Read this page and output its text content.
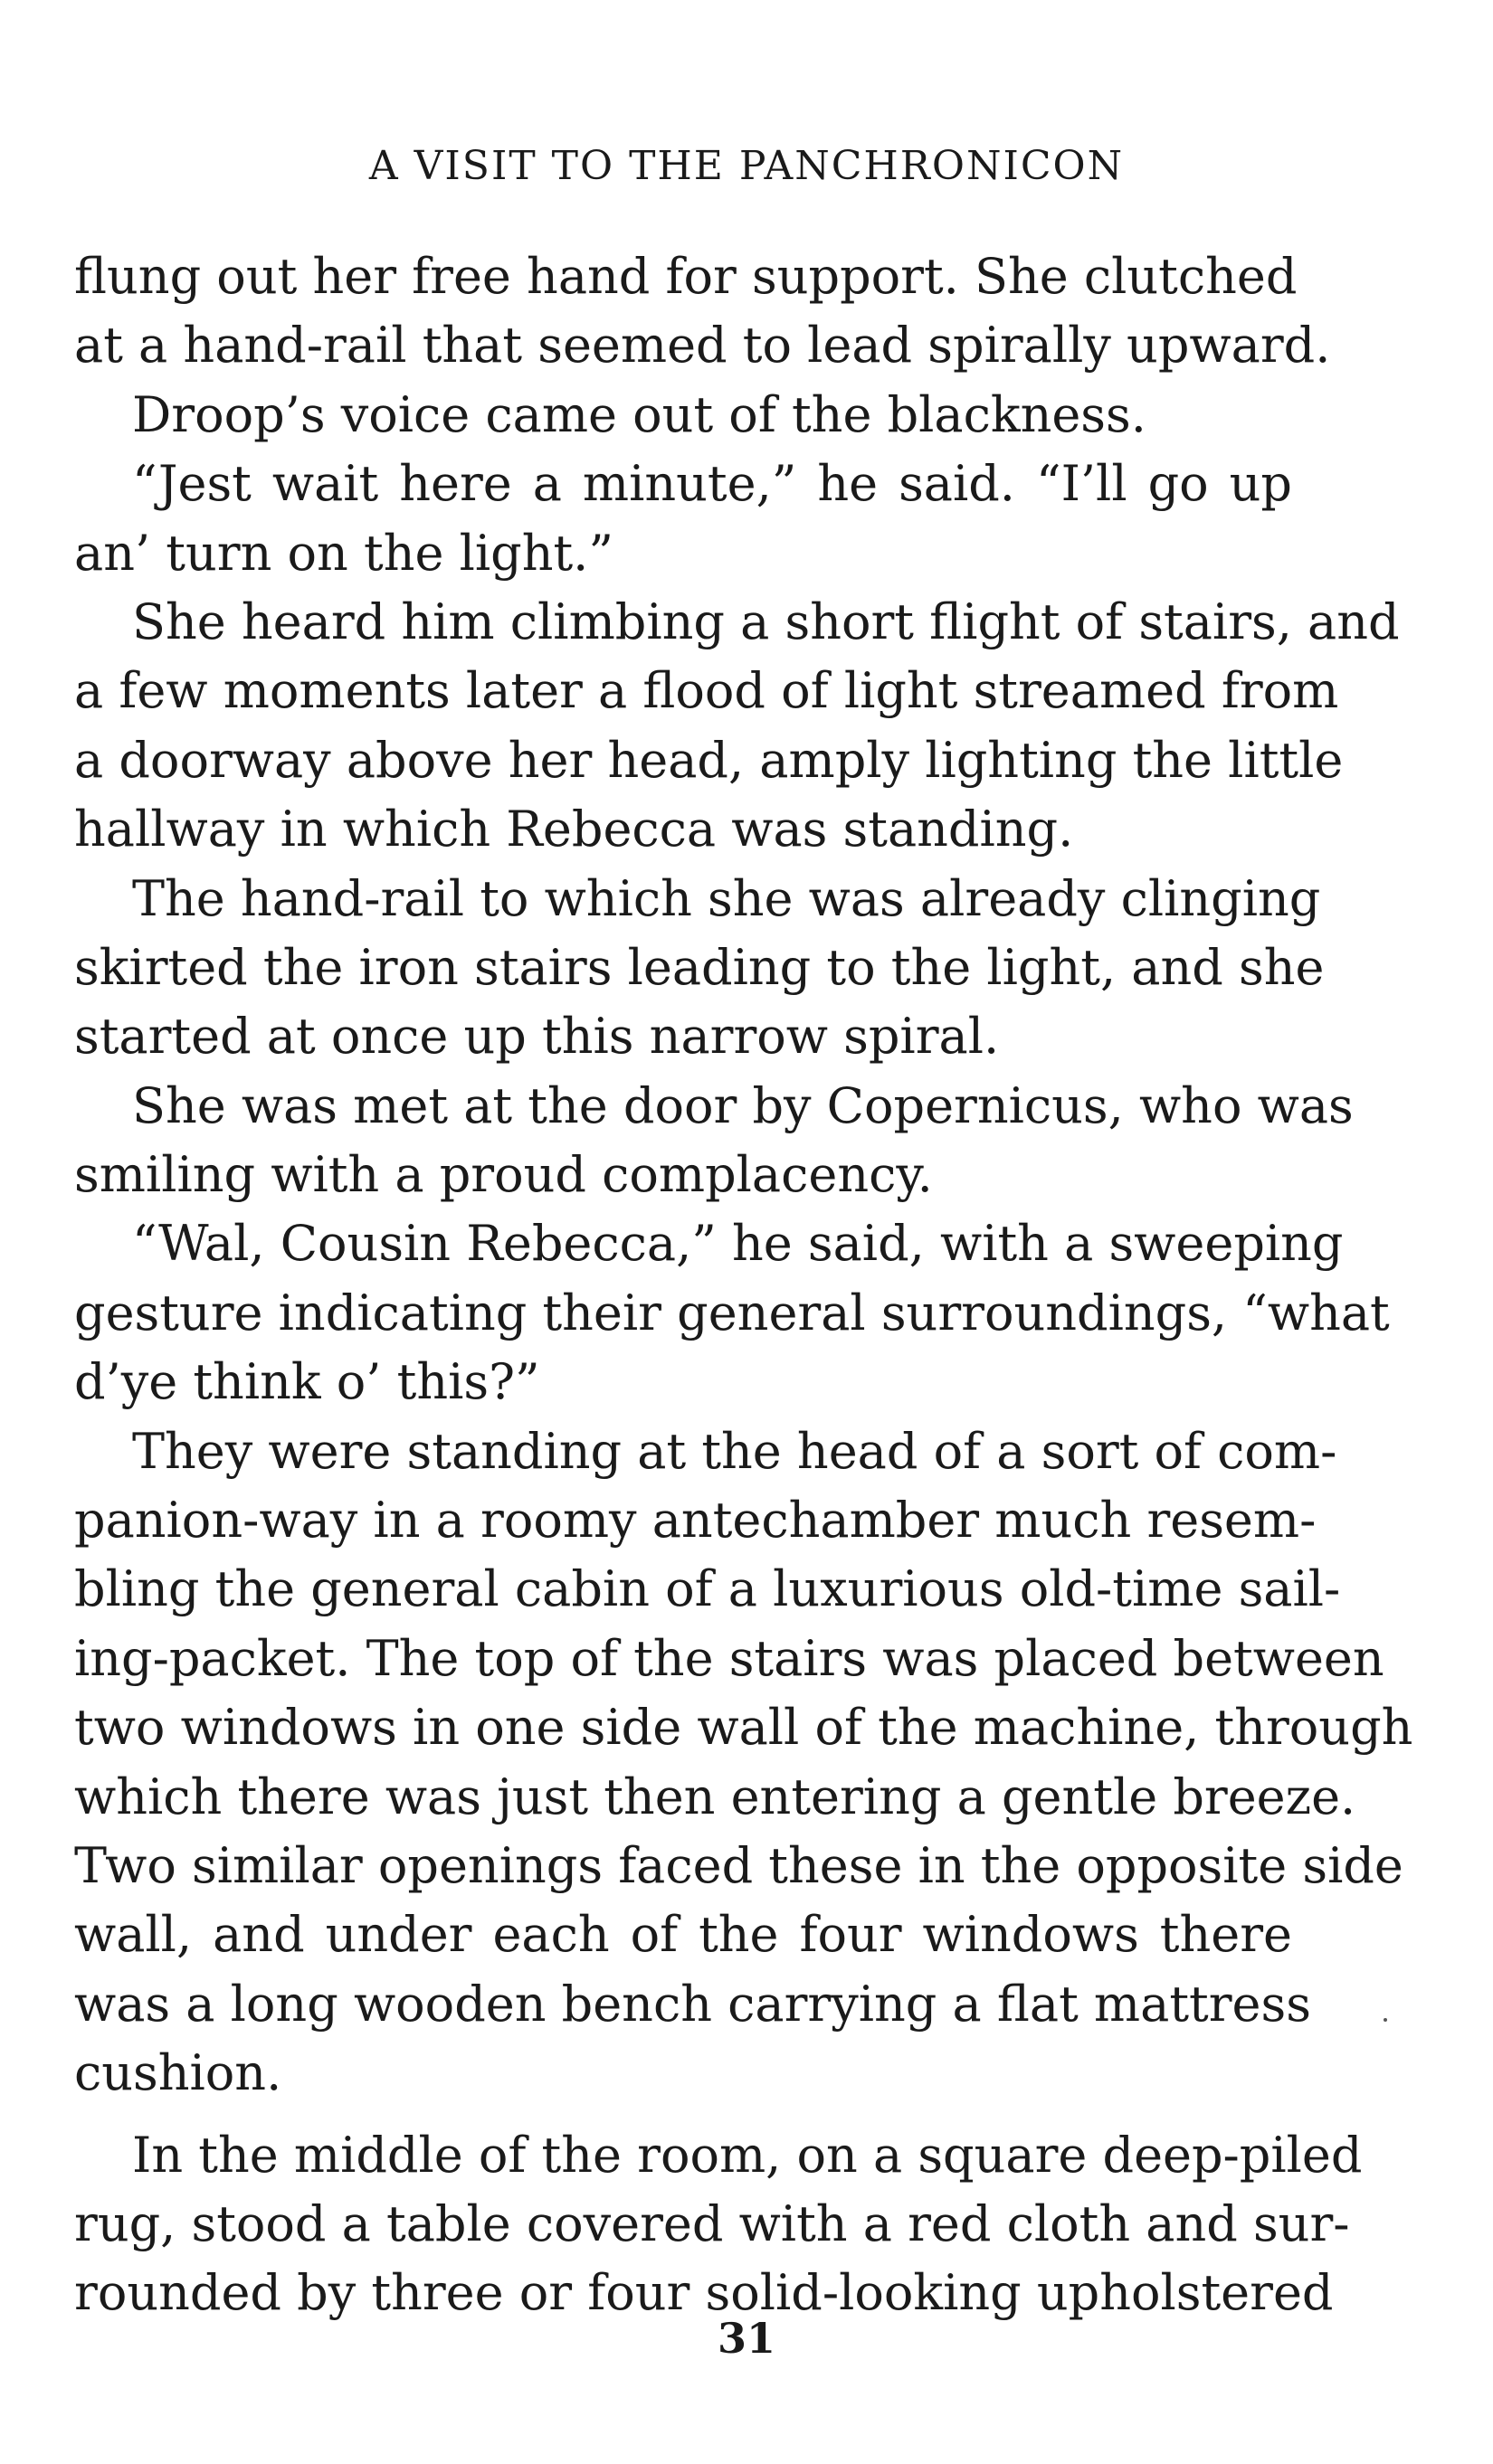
A VISIT TO THE PANCHRONICON
flung out her free hand for support. She clutched
at a hand-rail that seemed to lead spirally upward.
Droop’s voice came out of the blackness.
“Jest wait here a minute,” he said. “I’ll go up
an’ turn on the light.”
She heard him climbing a short flight of stairs, and
a few moments later a flood of light streamed from
a doorway above her head, amply lighting the little
hallway in which Rebecca was standing.
The hand-rail to which she was already clinging
skirted the iron stairs leading to the light, and she
started at once up this narrow spiral.
She was met at the door by Copernicus, who was
smiling with a proud complacency.
“Wal, Cousin Rebecca,” he said, with a sweeping
gesture indicating their general surroundings, “what
d’ye think o’ this?”
They were standing at the head of a sort of com-
panion-way in a roomy antechamber much resem-
bling the general cabin of a luxurious old-time sail-
ing-packet. The top of the stairs was placed between
two windows in one side wall of the machine, through
which there was just then entering a gentle breeze.
Two similar openings faced these in the opposite side
wall, and under each of the four windows there
was a long wooden bench carrying a flat mattress
cushion.
In the middle of the room, on a square deep-piled
rug, stood a table covered with a red cloth and sur-
rounded by three or four solid-looking upholstered
31
